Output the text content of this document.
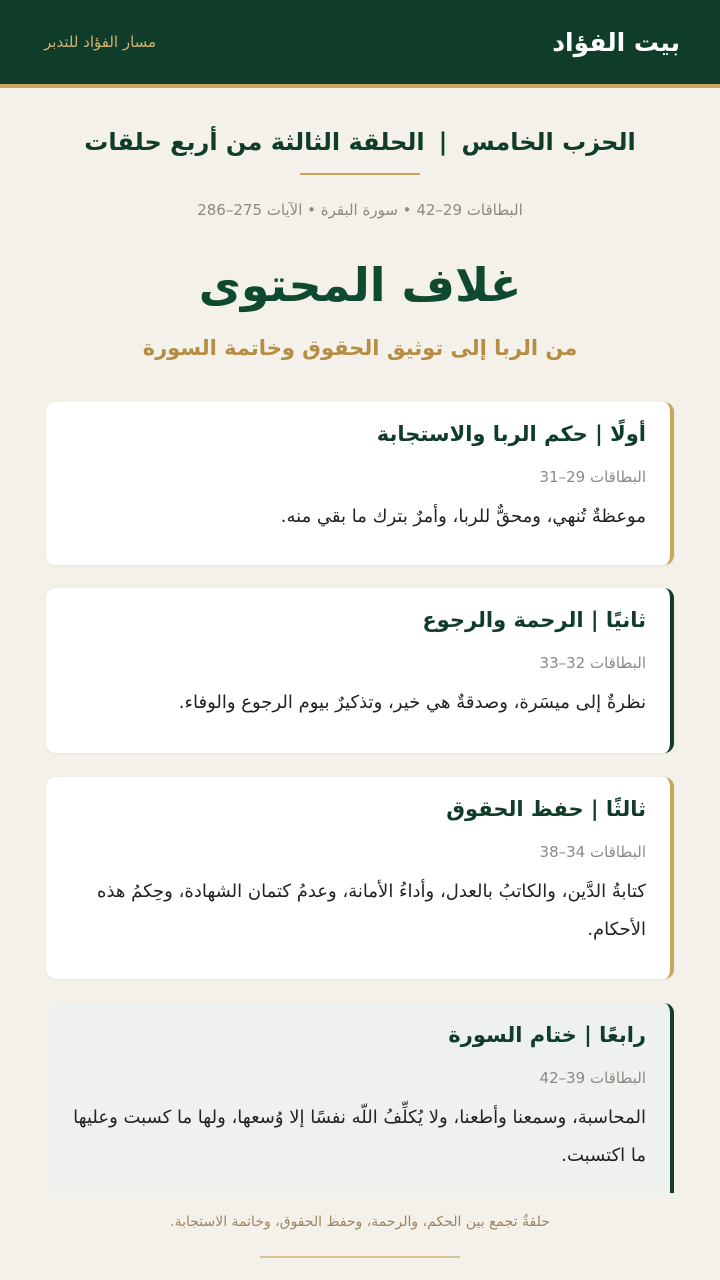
بيت الفؤاد
مسار الفؤاد للتدبر
الحزب الخامس|الحلقة الثالثة من أربع حلقات
البطاقات 29–42 • سورة البقرة • الآيات 275–286
غلاف المحتوى
من الربا إلى توثيق الحقوق وخاتمة السورة
أولًا | حكم الربا والاستجابة
البطاقات 29–31
موعظةٌ تُنهي، ومحقٌّ للربا، وأمرٌ بترك ما بقي منه.
ثانيًا | الرحمة والرجوع
البطاقات 32–33
نظرةٌ إلى ميسَرة، وصدقةٌ هي خير، وتذكيرٌ بيوم الرجوع والوفاء.
ثالثًا | حفظ الحقوق
البطاقات 34–38
كتابةُ الدَّين، والكاتبُ بالعدل، وأداءُ الأمانة، وعدمُ كتمان الشهادة، وحِكمُ هذه الأحكام.
رابعًا | ختام السورة
البطاقات 39–42
المحاسبة، وسمعنا وأطعنا، ولا يُكلِّفُ اللّه نفسًا إلا وُسعها، ولها ما كسبت وعليها ما اكتسبت.
حلقةٌ تجمع بين الحكم، والرحمة، وحفظ الحقوق، وخاتمة الاستجابة.
